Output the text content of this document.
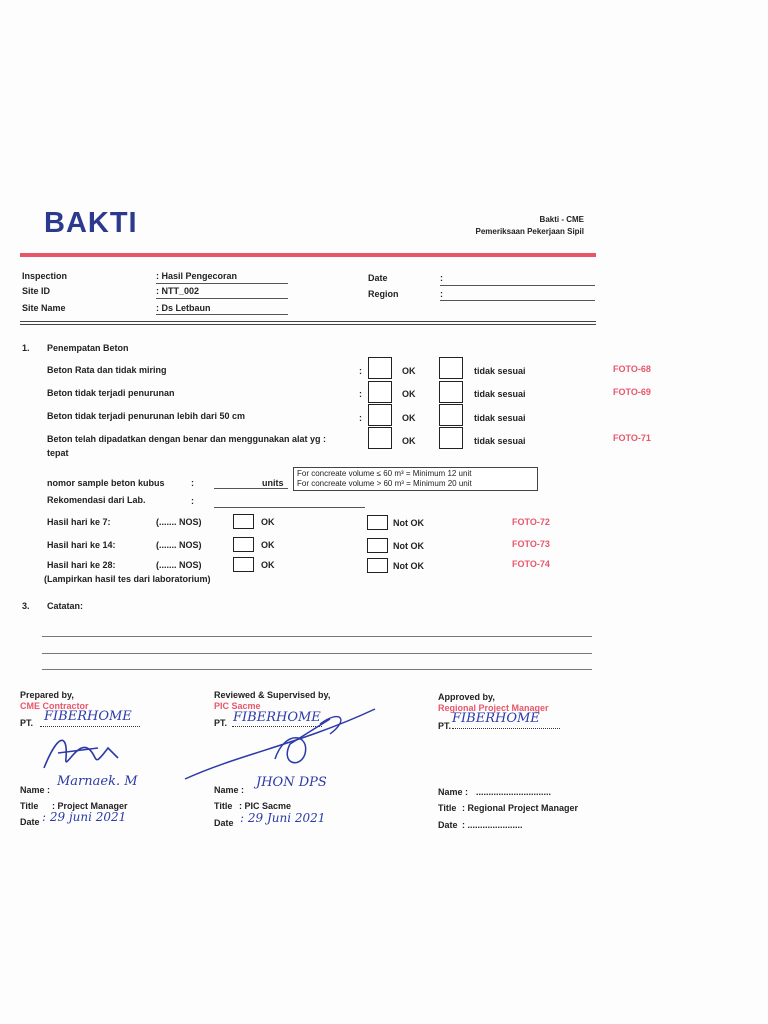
BAKTI	Bakti - CME
Pemeriksaan Pekerjaan Sipil
Inspection	: Hasil Pengecoran
Site ID	: NTT_002
Site Name	: Ds Letbaun
Date	:
Region	:
1. Penempatan Beton
Beton Rata dan tidak miring	:	OK	tidak sesuai	FOTO-68
Beton tidak terjadi penurunan	:	OK	tidak sesuai	FOTO-69
Beton tidak terjadi penurunan lebih dari 50 cm	:	OK	tidak sesuai
Beton telah dipadatkan dengan benar dan menggunakan alat yg :
tepat
OK	tidak sesuai	FOTO-71
nomor sample beton kubus	:	units
For concreate volume ≤ 60 m³ = Minimum 12 unit
For concreate volume > 60 m³ = Minimum 20 unit
Rekomendasi dari Lab.	:
Hasil hari ke 7:	(....... NOS)	OK	Not OK	FOTO-72
Hasil hari ke 14:	(....... NOS)	OK	Not OK	FOTO-73
Hasil hari ke 28:	(....... NOS)	OK	Not OK	FOTO-74
(Lampirkan hasil tes dari laboratorium)
3. Catatan:
Prepared by,
CME Contractor
PT. FIBERHOME
Name :
Marnaek. M
Title : Project Manager
Date : 29 juni 2021
Reviewed & Supervised by,
PIC Sacme
PT. FIBERHOME
Name : JHON DPS
Title : PIC Sacme
Date : 29 Juni 2021
Approved by,
Regional Project Manager
PT. FIBERHOME
Name : ..............................
Title : Regional Project Manager
Date : ......................
